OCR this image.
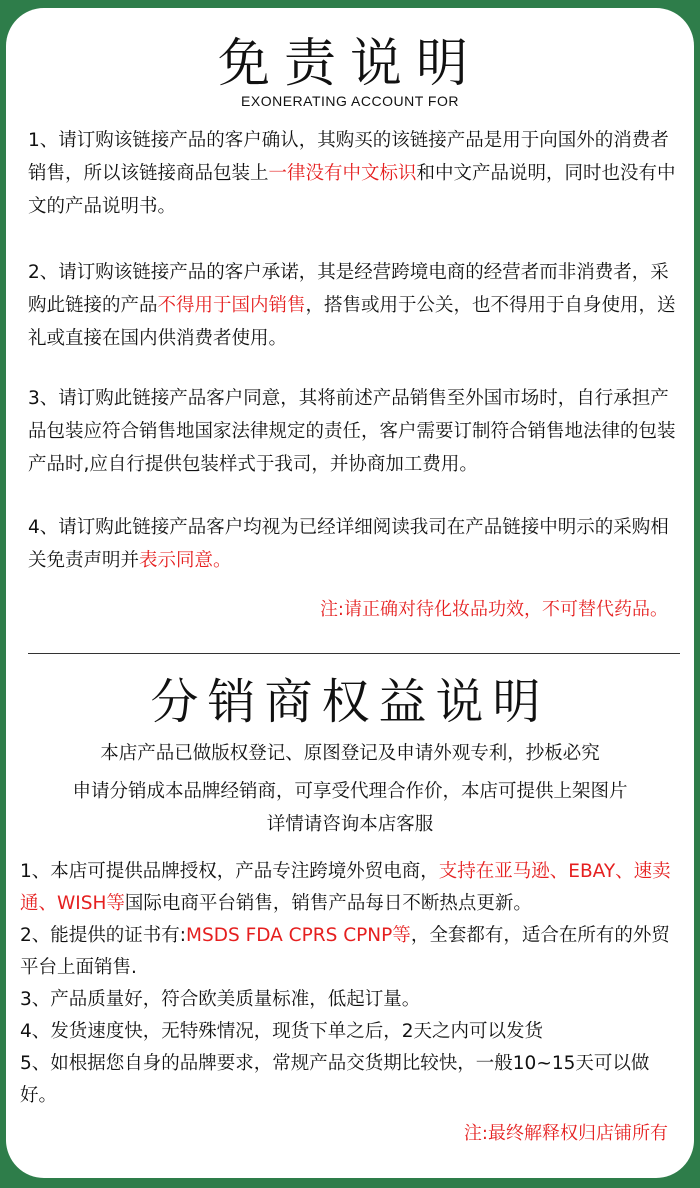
免责说明
EXONERATING ACCOUNT FOR

1、请订购该链接产品的客户确认，其购买的该链接产品是用于向国外的消费者销售，所以该链接商品包装上一律没有中文标识和中文产品说明，同时也没有中文的产品说明书。

2、请订购该链接产品的客户承诺，其是经营跨境电商的经营者而非消费者，采购此链接的产品不得用于国内销售，搭售或用于公关，也不得用于自身使用，送礼或直接在国内供消费者使用。

3、请订购此链接产品客户同意，其将前述产品销售至外国市场时，自行承担产品包装应符合销售地国家法律规定的责任，客户需要订制符合销售地法律的包装产品时,应自行提供包装样式于我司，并协商加工费用。

4、请订购此链接产品客户均视为已经详细阅读我司在产品链接中明示的采购相关免责声明并表示同意。

注:请正确对待化妆品功效，不可替代药品。
分销商权益说明
本店产品已做版权登记、原图登记及申请外观专利，抄板必究
申请分销成本品牌经销商，可享受代理合作价，本店可提供上架图片
详情请咨询本店客服
1、本店可提供品牌授权，产品专注跨境外贸电商，支持在亚马逊、EBAY、速卖通、WISH等国际电商平台销售，销售产品每日不断热点更新。
2、能提供的证书有:MSDS FDA CPRS CPNP等，全套都有，适合在所有的外贸平台上面销售.
3、产品质量好，符合欧美质量标准，低起订量。
4、发货速度快，无特殊情况，现货下单之后，2天之内可以发货
5、如根据您自身的品牌要求，常规产品交货期比较快，一般10~15天可以做好。
注:最终解释权归店铺所有
